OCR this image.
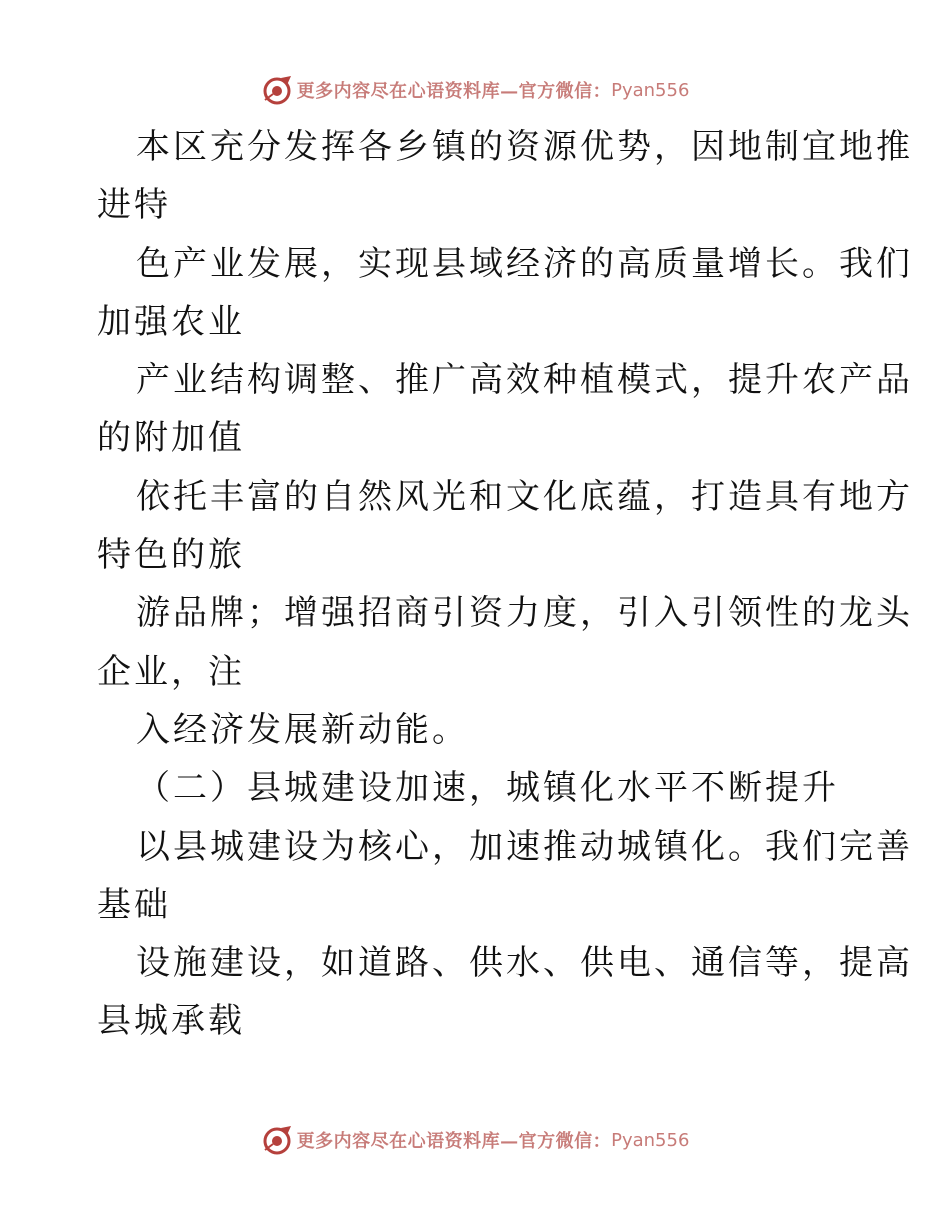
更多内容尽在心语资料库—官方微信： Pyan556
本区充分发挥各乡镇的资源优势，因地制宜地推
进特
色产业发展，实现县域经济的高质量增长。我们
加强农业
产业结构调整、推广高效种植模式，提升农产品
的附加值
依托丰富的自然风光和文化底蕴，打造具有地方
特色的旅
游品牌；增强招商引资力度，引入引领性的龙头
企业，注
入经济发展新动能。
（二）县城建设加速，城镇化水平不断提升
以县城建设为核心，加速推动城镇化。我们完善
基础
设施建设，如道路、供水、供电、通信等，提高
县城承载
更多内容尽在心语资料库—官方微信： Pyan556
